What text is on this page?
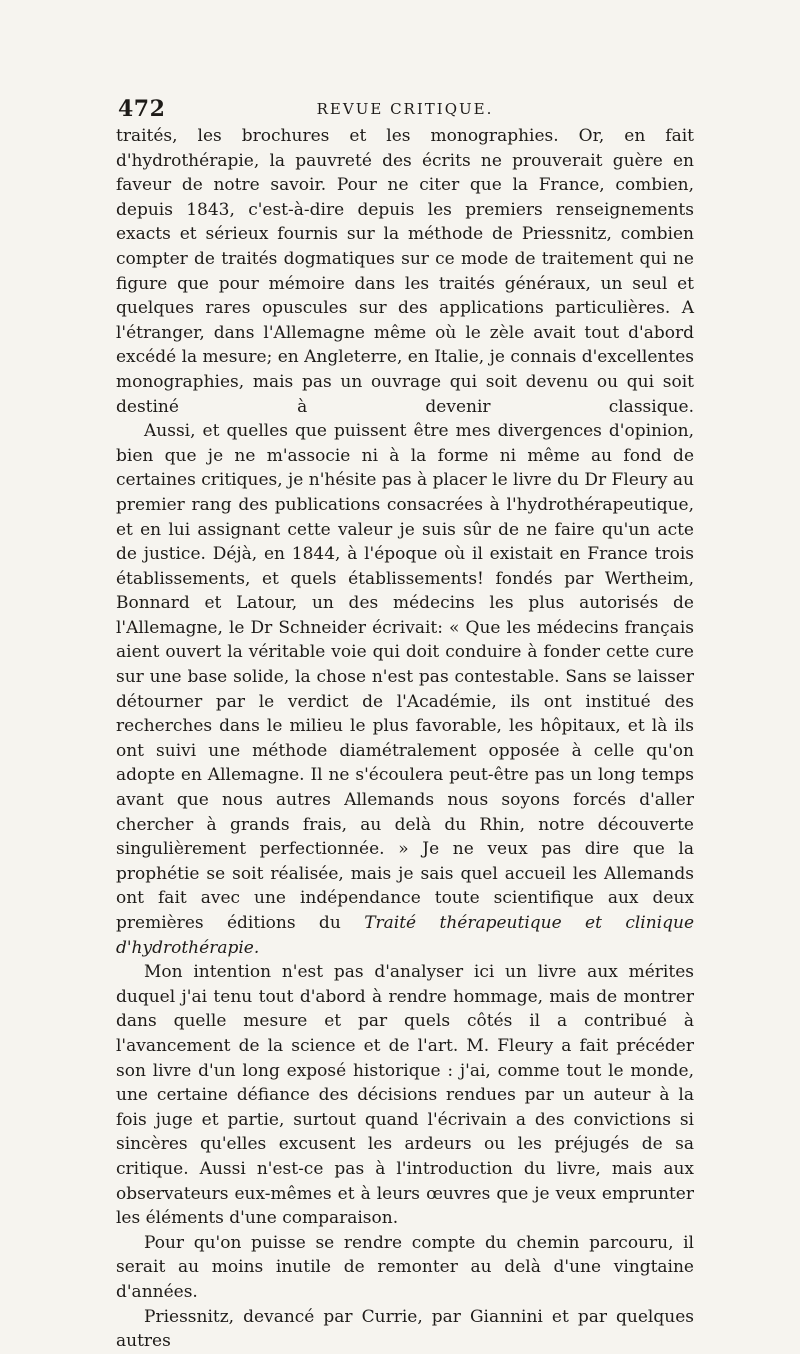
472	REVUE CRITIQUE.

traités, les brochures et les monographies. Or, en fait d'hydrothérapie, la pauvreté des écrits ne prouverait guère en faveur de notre savoir. Pour ne citer que la France, combien, depuis 1843, c'est-à-dire depuis les premiers renseignements exacts et sérieux fournis sur la méthode de Priessnitz, combien compter de traités dogmatiques sur ce mode de traitement qui ne figure que pour mémoire dans les traités généraux, un seul et quelques rares opuscules sur des applications particulières. A l'étranger, dans l'Allemagne même où le zèle avait tout d'abord excédé la mesure; en Angleterre, en Italie, je connais d'excellentes monographies, mais pas un ouvrage qui soit devenu ou qui soit destiné à devenir classique.

Aussi, et quelles que puissent être mes divergences d'opinion, bien que je ne m'associe ni à la forme ni même au fond de certaines critiques, je n'hésite pas à placer le livre du Dr Fleury au premier rang des publications consacrées à l'hydrothérapeutique, et en lui assignant cette valeur je suis sûr de ne faire qu'un acte de justice. Déjà, en 1844, à l'époque où il existait en France trois établissements, et quels établissements! fondés par Wertheim, Bonnard et Latour, un des médecins les plus autorisés de l'Allemagne, le Dr Schneider écrivait: « Que les médecins français aient ouvert la véritable voie qui doit conduire à fonder cette cure sur une base solide, la chose n'est pas contestable. Sans se laisser détourner par le verdict de l'Académie, ils ont institué des recherches dans le milieu le plus favorable, les hôpitaux, et là ils ont suivi une méthode diamétralement opposée à celle qu'on adopte en Allemagne. Il ne s'écoulera peut-être pas un long temps avant que nous autres Allemands nous soyons forcés d'aller chercher à grands frais, au delà du Rhin, notre découverte singulièrement perfectionnée. » Je ne veux pas dire que la prophétie se soit réalisée, mais je sais quel accueil les Allemands ont fait avec une indépendance toute scientifique aux deux premières éditions du Traité thérapeutique et clinique d'hydrothérapie.

Mon intention n'est pas d'analyser ici un livre aux mérites duquel j'ai tenu tout d'abord à rendre hommage, mais de montrer dans quelle mesure et par quels côtés il a contribué à l'avancement de la science et de l'art. M. Fleury a fait précéder son livre d'un long exposé historique : j'ai, comme tout le monde, une certaine défiance des décisions rendues par un auteur à la fois juge et partie, surtout quand l'écrivain a des convictions si sincères qu'elles excusent les ardeurs ou les préjugés de sa critique. Aussi n'est-ce pas à l'introduction du livre, mais aux observateurs eux-mêmes et à leurs œuvres que je veux emprunter les éléments d'une comparaison.

Pour qu'on puisse se rendre compte du chemin parcouru, il serait au moins inutile de remonter au delà d'une vingtaine d'années.

Priessnitz, devancé par Currie, par Giannini et par quelques autres
